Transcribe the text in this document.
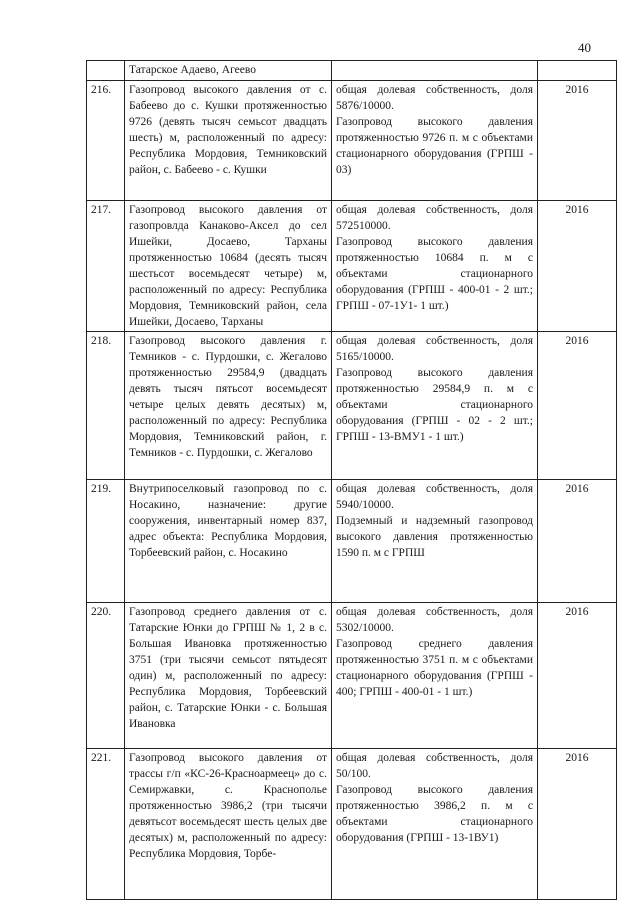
40
	Татарское Адаево, Агеево		
216.	Газопровод высокого давления от с. Бабеево до с. Кушки протяженностью 9726 (девять тысяч семьсот двадцать шесть) м, расположенный по адресу: Республика Мордовия, Темниковский район, с. Бабеево - с. Кушки	общая долевая собственность, доля 5876/10000.

Газопровод высокого давления протяженностью 9726 п. м с объектами стационарного оборудования (ГРПШ - 03)	2016
217.	Газопровод высокого давления от газопровлда Канаково-Аксел до сел Ишейки, Досаево, Тарханы протяженностью 10684 (десять тысяч шестьсот восемьдесят четыре) м, расположенный по адресу: Республика Мордовия, Темниковский район, села Ишейки, Досаево, Тарханы	общая долевая собственность, доля 572510000.

Газопровод высокого давления протяженностью 10684 п. м с объектами стационарного оборудования (ГРПШ - 400-01 - 2 шт.; ГРПШ - 07-1У1- 1 шт.)	2016
218.	Газопровод высокого давления г. Темников - с. Пурдошки, с. Жегалово протяженностью 29584,9 (двадцать девять тысяч пятьсот восемьдесят четыре целых девять десятых) м, расположенный по адресу: Республика Мордовия, Темниковский район, г. Темников - с. Пурдошки, с. Жегалово	общая долевая собственность, доля 5165/10000.

Газопровод высокого давления протяженностью 29584,9 п. м с объектами стационарного оборудования (ГРПШ - 02 - 2 шт.; ГРПШ - 13-ВМУ1 - 1 шт.)	2016
219.	Внутрипоселковый газопровод по с. Носакино, назначение: другие сооружения, инвентарный номер 837, адрес объекта: Республика Мордовия, Торбеевский район, с. Носакино	общая долевая собственность, доля 5940/10000.

Подземный и надземный газопровод высокого давления протяженностью 1590 п. м с ГРПШ	2016
220.	Газопровод среднего давления от с. Татарские Юнки до ГРПШ № 1, 2 в с. Большая Ивановка протяженностью 3751 (три тысячи семьсот пятьдесят один) м, расположенный по адресу: Республика Мордовия, Торбеевский район, с. Татарские Юнки - с. Большая Ивановка	общая долевая собственность, доля 5302/10000.

Газопровод среднего давления протяженностью 3751 п. м с объектами стационарного оборудования (ГРПШ - 400; ГРПШ - 400-01 - 1 шт.)	2016
221.	Газопровод высокого давления от трассы г/п «КС-26-Красноармеец» до с. Семиржавки, с. Краснополье протяженностью 3986,2 (три тысячи девятьсот восемьдесят шесть целых две десятых) м, расположенный по адресу: Республика Мордовия, Торбе-	общая долевая собственность, доля 50/100.

Газопровод высокого давления протяженностью 3986,2 п. м с объектами стационарного оборудования (ГРПШ - 13-1ВУ1)	2016
